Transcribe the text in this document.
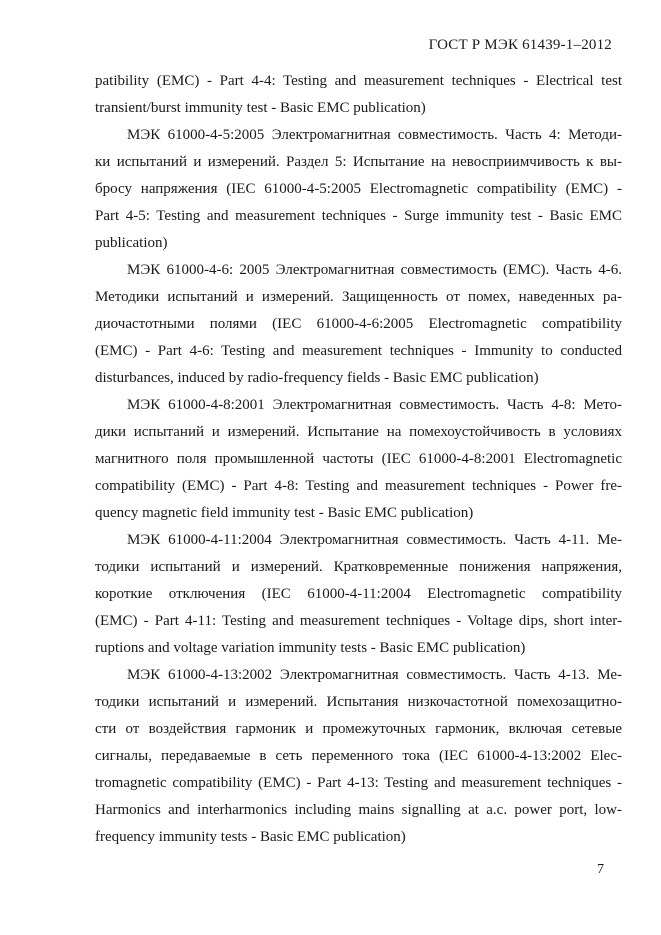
ГОСТ Р МЭК 61439-1–2012
patibility (EMC) - Part 4-4: Testing and measurement techniques - Electrical test
transient/burst immunity test - Basic EMC publication)
МЭК 61000-4-5:2005 Электромагнитная совместимость. Часть 4: Методи-
ки испытаний и измерений. Раздел 5: Испытание на невосприимчивость к вы-
бросу напряжения (IEC 61000-4-5:2005 Electromagnetic compatibility (EMC) -
Part 4-5: Testing and measurement techniques - Surge immunity test - Basic EMC
publication)
МЭК 61000-4-6: 2005 Электромагнитная совместимость (ЕМС). Часть 4-6.
Методики испытаний и измерений. Защищенность от помех, наведенных ра-
диочастотными полями (IEC 61000-4-6:2005 Electromagnetic compatibility
(EMC) - Part 4-6: Testing and measurement techniques - Immunity to conducted
disturbances, induced by radio-frequency fields - Basic EMC publication)
МЭК 61000-4-8:2001 Электромагнитная совместимость. Часть 4-8: Мето-
дики испытаний и измерений. Испытание на помехоустойчивость в условиях
магнитного поля промышленной частоты (IEC 61000-4-8:2001 Electromagnetic
compatibility (EMC) - Part 4-8: Testing and measurement techniques - Power fre-
quency magnetic field immunity test - Basic EMC publication)
МЭК 61000-4-11:2004 Электромагнитная совместимость. Часть 4-11. Ме-
тодики испытаний и измерений. Кратковременные понижения напряжения,
короткие отключения (IEC 61000-4-11:2004 Electromagnetic compatibility
(EMC) - Part 4-11: Testing and measurement techniques - Voltage dips, short inter-
ruptions and voltage variation immunity tests - Basic EMC publication)
МЭК 61000-4-13:2002 Электромагнитная совместимость. Часть 4-13. Ме-
тодики испытаний и измерений. Испытания низкочастотной помехозащитно-
сти от воздействия гармоник и промежуточных гармоник, включая сетевые
сигналы, передаваемые в сеть переменного тока (IEC 61000-4-13:2002 Elec-
tromagnetic compatibility (EMC) - Part 4-13: Testing and measurement techniques -
Harmonics and interharmonics including mains signalling at a.c. power port, low-
frequency immunity tests - Basic EMC publication)
7
